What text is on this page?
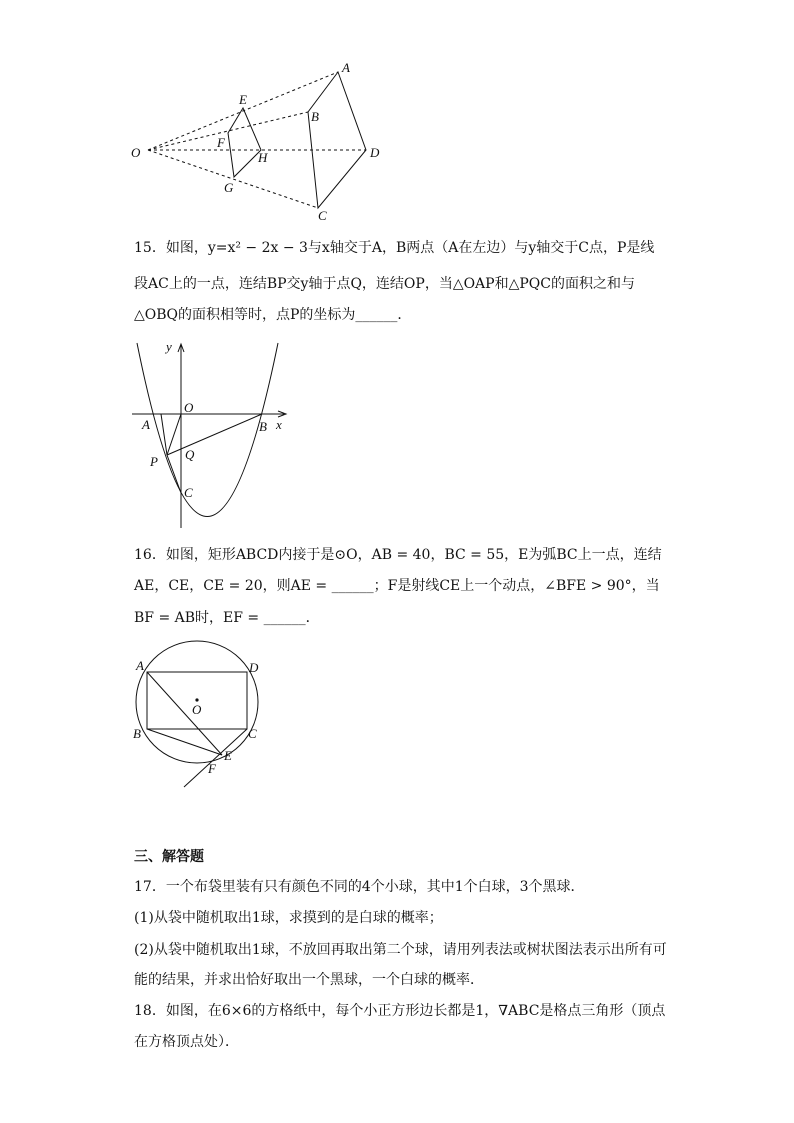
O
A
B
C
D
E
F
G
H
15．如图，y=x² − 2x − 3与x轴交于A，B两点（A在左边）与y轴交于C点，P是线
段AC上的一点，连结BP交y轴于点Q，连结OP，当△OAP和△PQC的面积之和与
△OBQ的面积相等时，点P的坐标为______．
y
x
O
A	B
P Q
C
16．如图，矩形ABCD内接于是⊙O，AB = 40，BC = 55，E为弧BC上一点，连结
AE，CE，CE = 20，则AE = ______；F是射线CE上一个动点，∠BFE > 90°，当
BF = AB时，EF = ______．
A	D
B	C
O
E
F
三、解答题
17．一个布袋里装有只有颜色不同的4个小球，其中1个白球，3个黑球．
(1)从袋中随机取出1球，求摸到的是白球的概率；
(2)从袋中随机取出1球，不放回再取出第二个球，请用列表法或树状图法表示出所有可
能的结果，并求出恰好取出一个黑球，一个白球的概率．
18．如图，在6×6的方格纸中，每个小正方形边长都是1，∇ABC是格点三角形（顶点
在方格顶点处）．
